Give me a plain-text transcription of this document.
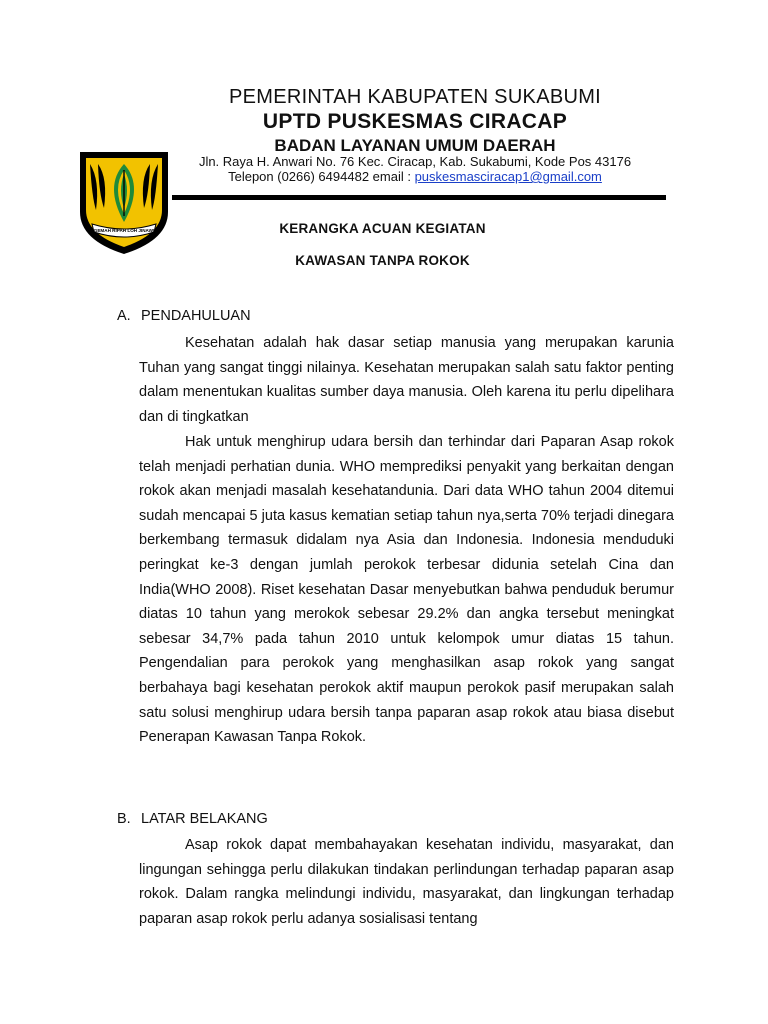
GEMAH RIPAH LOH JINAWI
PEMERINTAH KABUPATEN SUKABUMI
UPTD PUSKESMAS CIRACAP
BADAN LAYANAN UMUM DAERAH
Jln. Raya H. Anwari No. 76 Kec. Ciracap, Kab. Sukabumi, Kode Pos 43176
Telepon (0266) 6494482 email : puskesmasciracap1@gmail.com
KERANGKA ACUAN KEGIATAN
KAWASAN TANPA ROKOK
A. PENDAHULUAN

Kesehatan adalah hak dasar setiap manusia yang merupakan karunia Tuhan yang sangat tinggi nilainya. Kesehatan merupakan salah satu faktor penting dalam menentukan kualitas sumber daya manusia. Oleh karena itu perlu dipelihara dan di tingkatkan

Hak untuk menghirup udara bersih dan terhindar dari Paparan Asap rokok telah menjadi perhatian dunia. WHO memprediksi penyakit yang berkaitan dengan rokok akan menjadi masalah kesehatandunia. Dari data WHO tahun 2004 ditemui sudah mencapai 5 juta kasus kematian setiap tahun nya,serta 70% terjadi dinegara berkembang termasuk didalam nya Asia dan Indonesia. Indonesia menduduki peringkat ke-3 dengan jumlah perokok terbesar didunia setelah Cina dan India(WHO 2008). Riset kesehatan Dasar menyebutkan bahwa penduduk berumur diatas 10 tahun yang merokok sebesar 29.2% dan angka tersebut meningkat sebesar 34,7% pada tahun 2010 untuk kelompok umur diatas 15 tahun. Pengendalian para perokok yang menghasilkan asap rokok yang sangat berbahaya bagi kesehatan perokok aktif maupun perokok pasif merupakan salah satu solusi menghirup udara bersih tanpa paparan asap rokok atau biasa disebut Penerapan Kawasan Tanpa Rokok.

B. LATAR BELAKANG

Asap rokok dapat membahayakan kesehatan individu, masyarakat, dan lingungan sehingga perlu dilakukan tindakan perlindungan terhadap paparan asap rokok. Dalam rangka melindungi individu, masyarakat, dan lingkungan terhadap paparan asap rokok perlu adanya sosialisasi tentang
